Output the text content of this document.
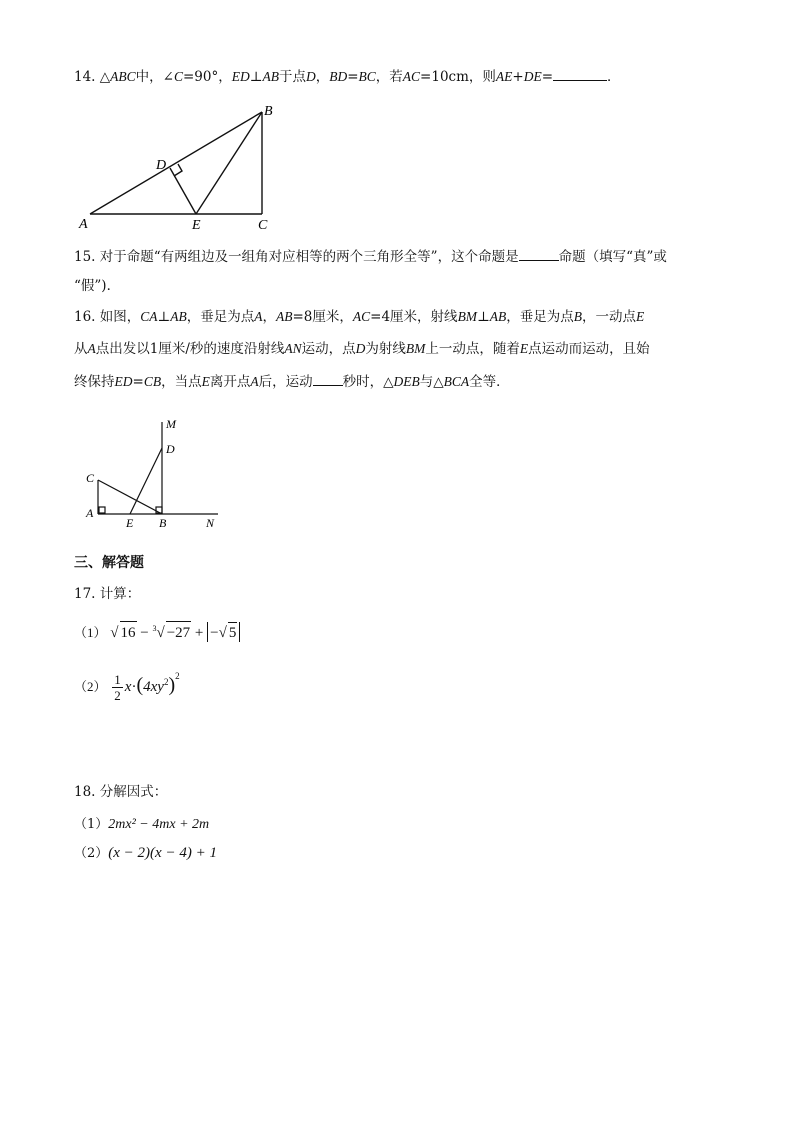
14. △ABC中，∠C=90°，ED⊥AB于点D，BD=BC，若AC=10cm，则AE+DE=	．
A
B
C
D
E
15. 对于命题“有两组边及一组角对应相等的两个三角形全等”，这个命题是	命题（填写“真”或
“假”)．
16. 如图，CA⊥AB，垂足为点A，AB=8厘米，AC=4厘米，射线BM⊥AB，垂足为点B，一动点E
从A点出发以1厘米/秒的速度沿射线AN运动，点D为射线BM上一动点，随着E点运动而运动，且始
终保持ED=CB，当点E离开点A后，运动 秒时，△DEB与△BCA全等．
C
A
E B	N
M
D
三、解答题
17. 计算：
（1） √ 16 − $^3$√ −27 + −√ 5
$(2) \frac{1}{2} x\cdot(4xy^2)^2$
18. 分解因式：
（1）2mx² − 4mx + 2m
（2）(x − 2)(x − 4) + 1
